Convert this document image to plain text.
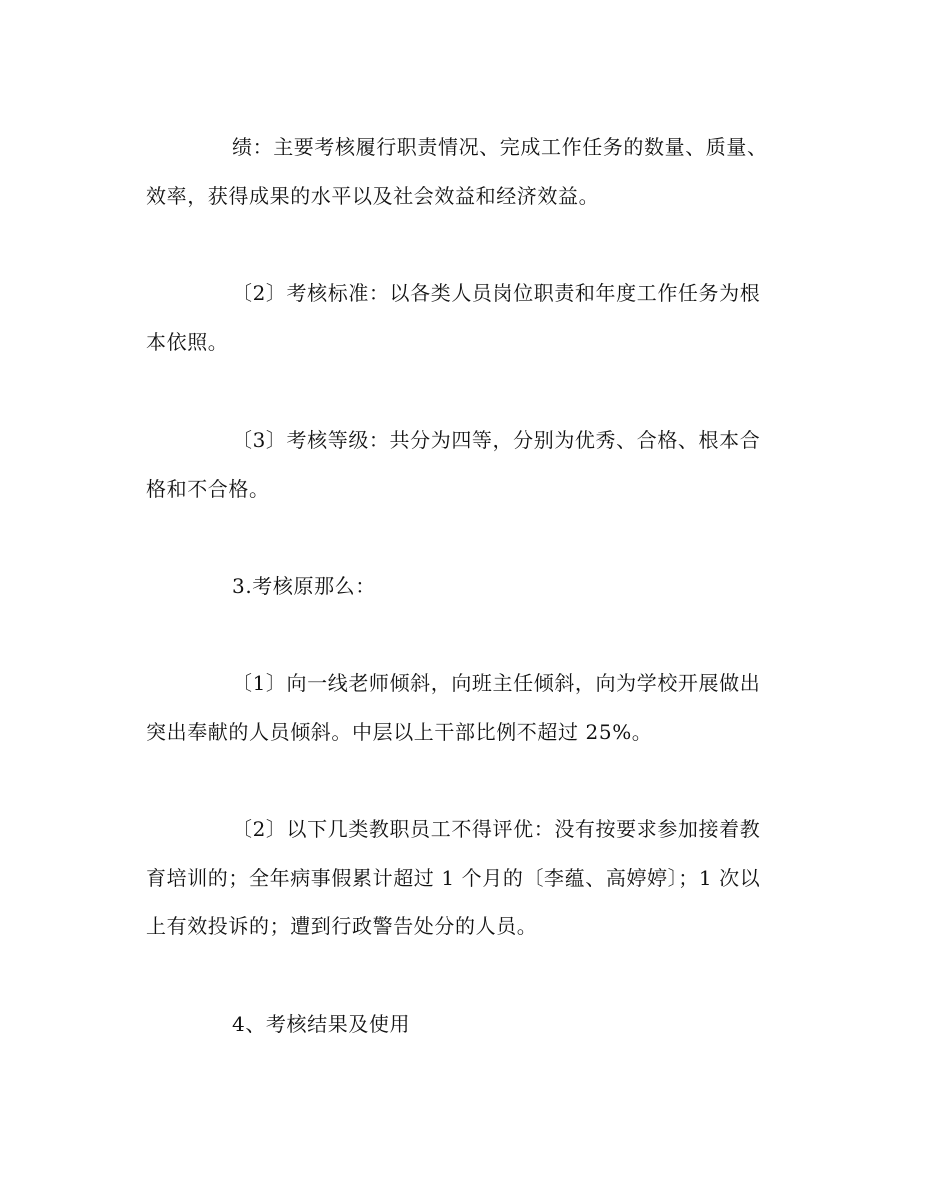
绩：主要考核履行职责情况、完成工作任务的数量、质量、
效率，获得成果的水平以及社会效益和经济效益。
〔2〕考核标准：以各类人员岗位职责和年度工作任务为根
本依照。
〔3〕考核等级：共分为四等，分别为优秀、合格、根本合
格和不合格。
3.考核原那么：
〔1〕向一线老师倾斜，向班主任倾斜，向为学校开展做出
突出奉献的人员倾斜。中层以上干部比例不超过 25%。
〔2〕以下几类教职员工不得评优：没有按要求参加接着教
育培训的；全年病事假累计超过 1 个月的〔李蕴、高婷婷〕；1 次以
上有效投诉的；遭到行政警告处分的人员。
4、考核结果及使用
